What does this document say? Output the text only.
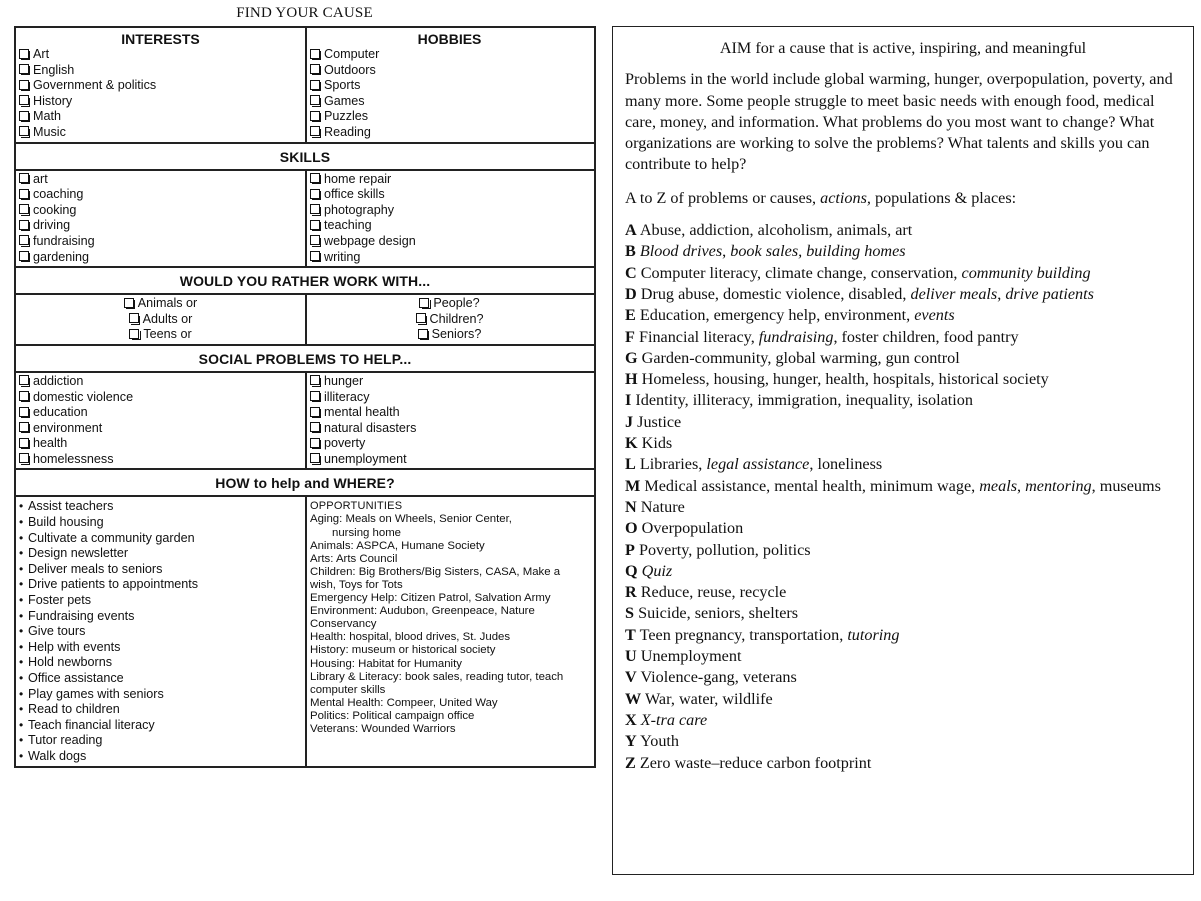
FIND YOUR CAUSE
INTERESTS
Art
English
Government & politics
History
Math
Music
HOBBIES
Computer
Outdoors
Sports
Games
Puzzles
Reading
SKILLS
art
coaching
cooking
driving
fundraising
gardening
home repair
office skills
photography
teaching
webpage design
writing
WOULD YOU RATHER WORK WITH...
Animals or
Adults or
Teens or
People?
Children?
Seniors?
SOCIAL PROBLEMS TO HELP...
addiction
domestic violence
education
environment
health
homelessness
hunger
illiteracy
mental health
natural disasters
poverty
unemployment
HOW to help and WHERE?
• Assist teachers
• Build housing
• Cultivate a community garden
• Design newsletter
• Deliver meals to seniors
• Drive patients to appointments
• Foster pets
• Fundraising events
• Give tours
• Help with events
• Hold newborns
• Office assistance
• Play games with seniors
• Read to children
• Teach financial literacy
• Tutor reading
• Walk dogs
OPPORTUNITIES
Aging: Meals on Wheels, Senior Center,
nursing home
Animals: ASPCA, Humane Society
Arts: Arts Council
Children: Big Brothers/Big Sisters, CASA, Make a wish, Toys for Tots
Emergency Help: Citizen Patrol, Salvation Army
Environment: Audubon, Greenpeace, Nature Conservancy
Health: hospital, blood drives, St. Judes
History: museum or historical society
Housing: Habitat for Humanity
Library & Literacy: book sales, reading tutor, teach computer skills
Mental Health: Compeer, United Way
Politics: Political campaign office
Veterans: Wounded Warriors
AIM for a cause that is active, inspiring, and meaningful
Problems in the world include global warming, hunger, overpopulation, poverty, and many more. Some people struggle to meet basic needs with enough food, medical care, money, and information. What problems do you most want to change? What organizations are working to solve the problems? What talents and skills you can contribute to help?
A to Z of problems or causes, actions, populations & places:
A Abuse, addiction, alcoholism, animals, art
B Blood drives, book sales, building homes
C Computer literacy, climate change, conservation, community building
D Drug abuse, domestic violence, disabled, deliver meals, drive patients
E Education, emergency help, environment, events
F Financial literacy, fundraising, foster children, food pantry
G Garden-community, global warming, gun control
H Homeless, housing, hunger, health, hospitals, historical society
I Identity, illiteracy, immigration, inequality, isolation
J Justice
K Kids
L Libraries, legal assistance, loneliness
M Medical assistance, mental health, minimum wage, meals, mentoring, museums
N Nature
O Overpopulation
P Poverty, pollution, politics
Q Quiz
R Reduce, reuse, recycle
S Suicide, seniors, shelters
T Teen pregnancy, transportation, tutoring
U Unemployment
V Violence-gang, veterans
W War, water, wildlife
X X-tra care
Y Youth
Z Zero waste–reduce carbon footprint
